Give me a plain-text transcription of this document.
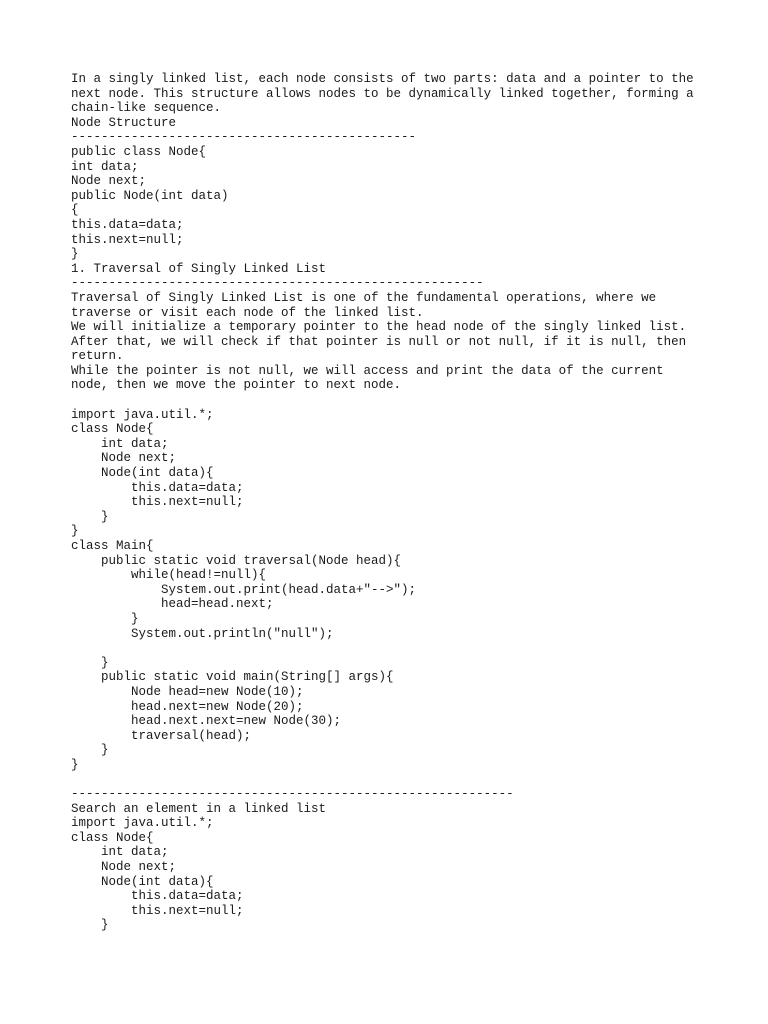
In a singly linked list, each node consists of two parts: data and a pointer to the
next node. This structure allows nodes to be dynamically linked together, forming a
chain-like sequence.
Node Structure
----------------------------------------------
public class Node{
int data;
Node next;
public Node(int data)
{
this.data=data;
this.next=null;
}
1. Traversal of Singly Linked List
-------------------------------------------------------
Traversal of Singly Linked List is one of the fundamental operations, where we
traverse or visit each node of the linked list.
We will initialize a temporary pointer to the head node of the singly linked list.
After that, we will check if that pointer is null or not null, if it is null, then
return.
While the pointer is not null, we will access and print the data of the current
node, then we move the pointer to next node.

import java.util.*;
class Node{
int data;
Node next;
Node(int data){
this.data=data;
this.next=null;
}
}
class Main{
public static void traversal(Node head){
while(head!=null){
System.out.print(head.data+"-->");
head=head.next;
}
System.out.println("null");

}
public static void main(String[] args){
Node head=new Node(10);
head.next=new Node(20);
head.next.next=new Node(30);
traversal(head);
}
}

-----------------------------------------------------------
Search an element in a linked list
import java.util.*;
class Node{
int data;
Node next;
Node(int data){
this.data=data;
this.next=null;
}
